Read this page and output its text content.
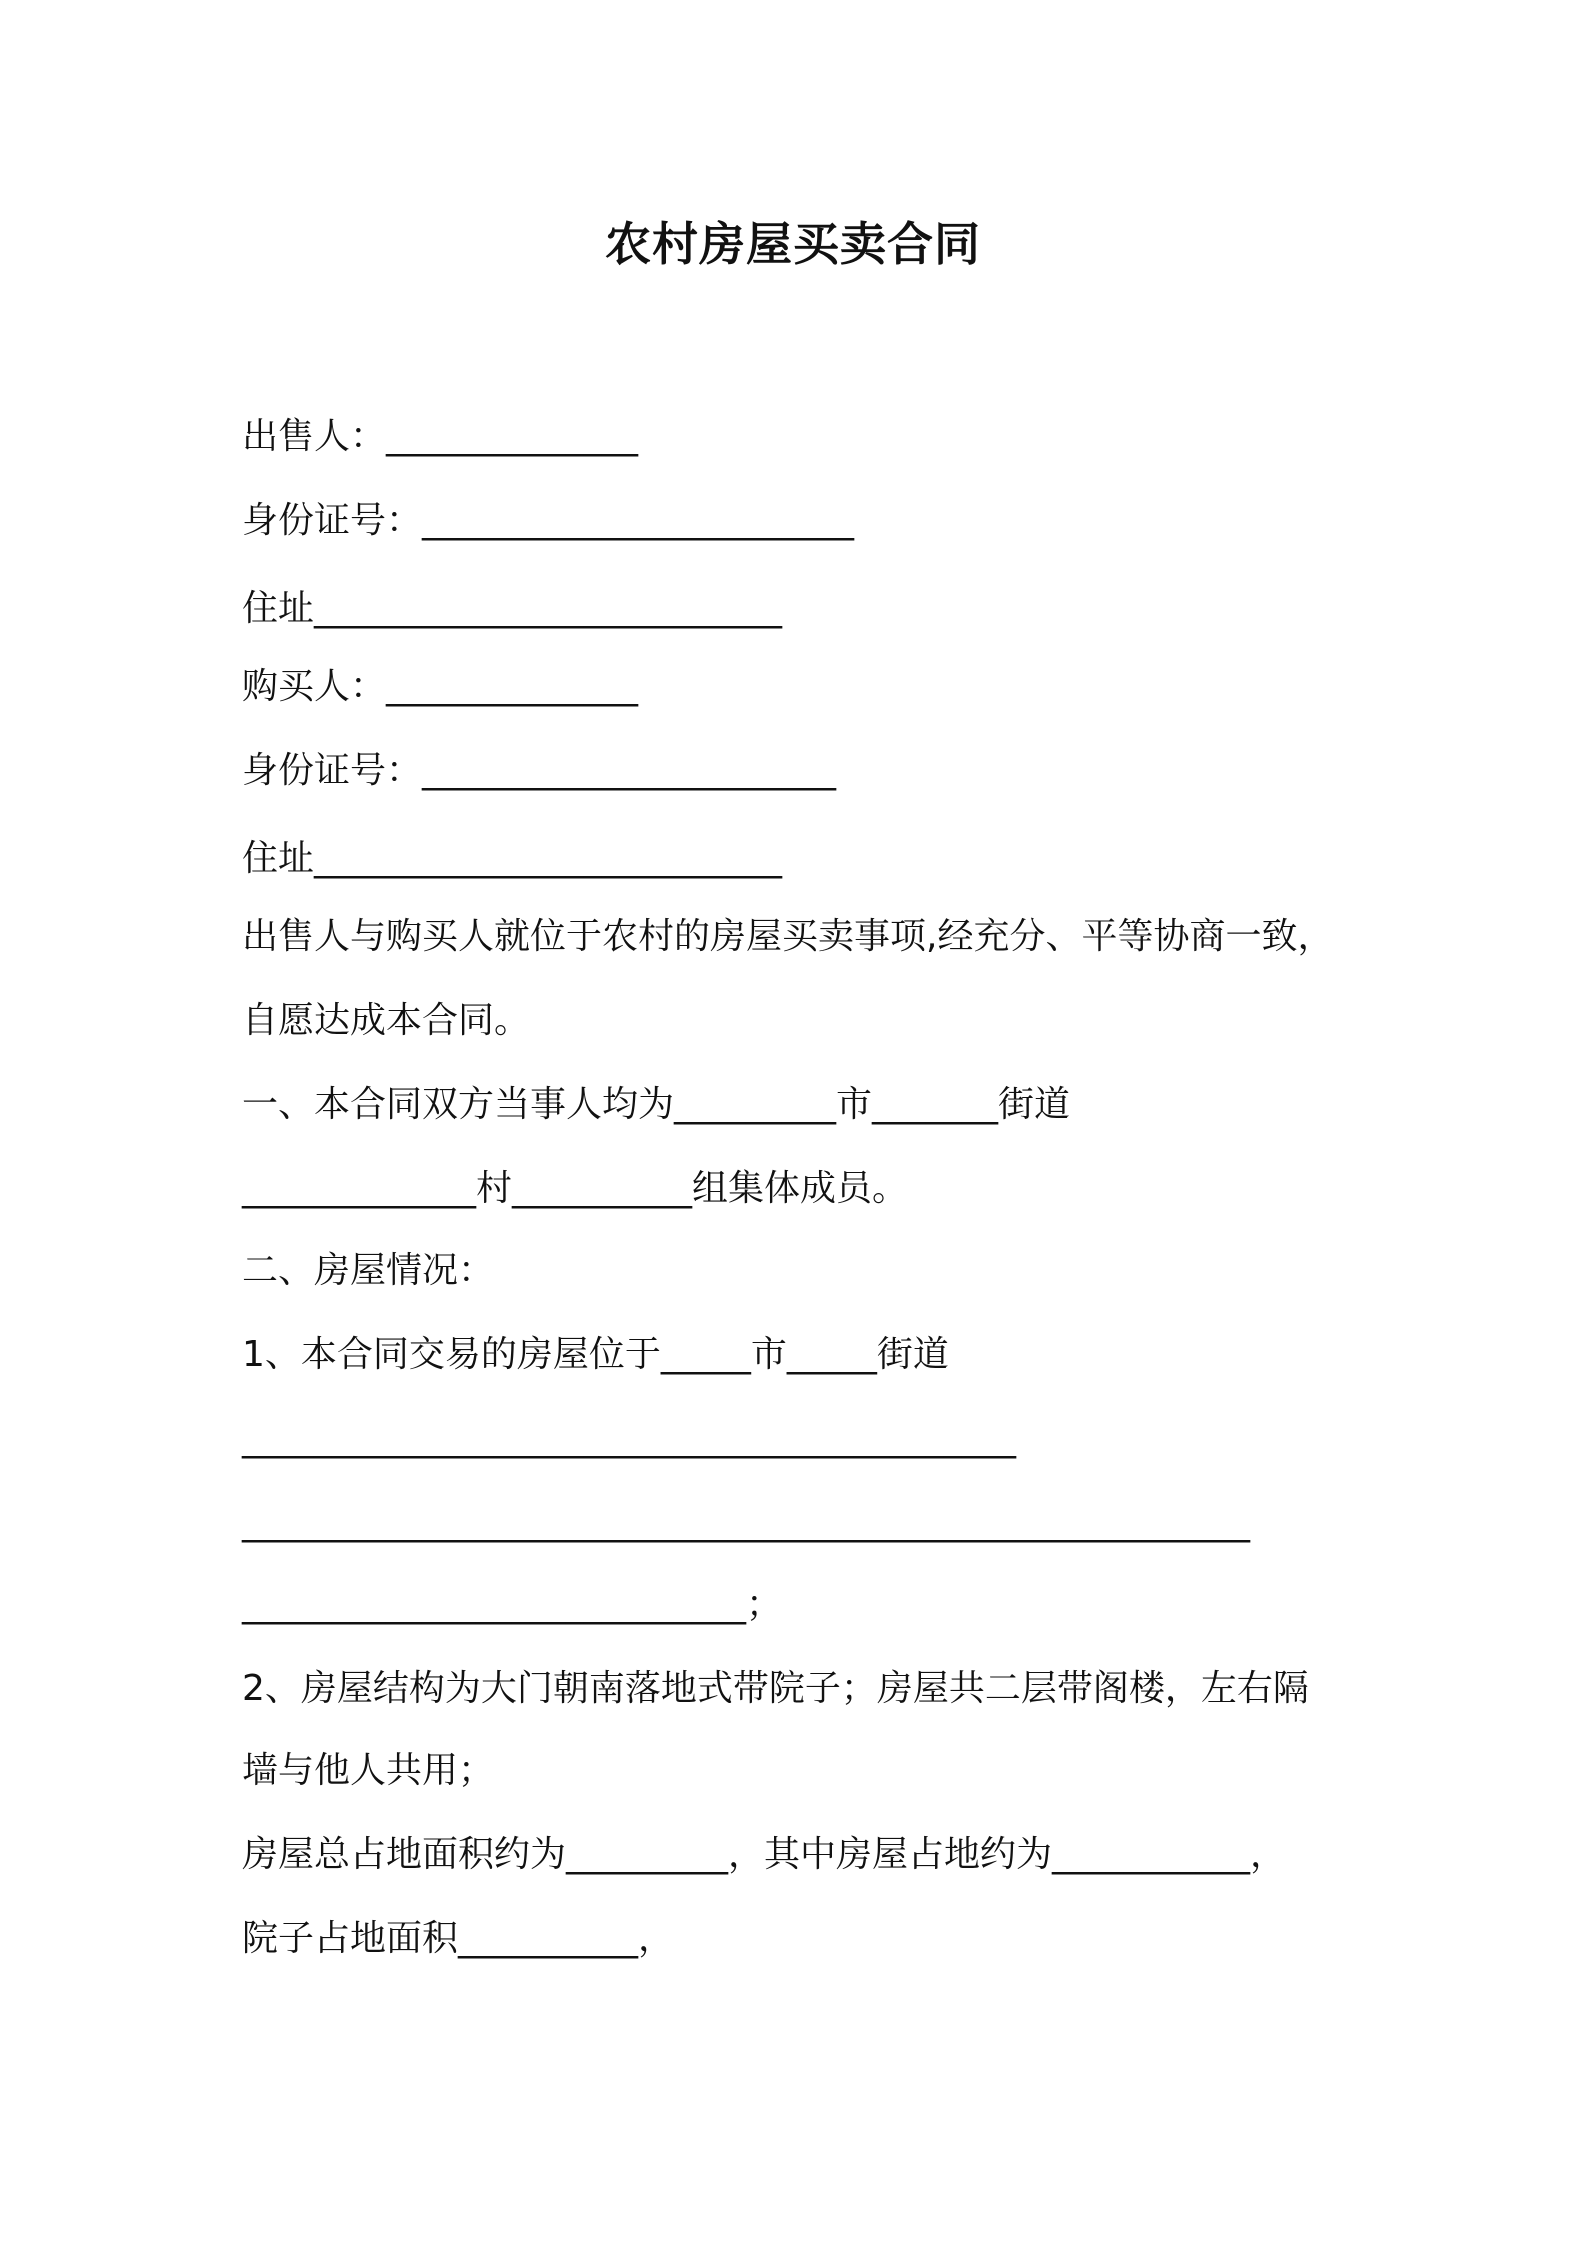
农村房屋买卖合同
出售人：______________
身份证号：________________________
住址__________________________
购买人：______________
身份证号：_______________________
住址__________________________
出售人与购买人就位于农村的房屋买卖事项,经充分、平等协商一致，
自愿达成本合同。
一、本合同双方当事人均为_________市_______街道
_____________村__________组集体成员。
二、房屋情况：
1、本合同交易的房屋位于_____市_____街道
___________________________________________
________________________________________________________
____________________________；
2、房屋结构为大门朝南落地式带院子；房屋共二层带阁楼，左右隔
墙与他人共用；
房屋总占地面积约为_________，其中房屋占地约为___________，
院子占地面积__________，
